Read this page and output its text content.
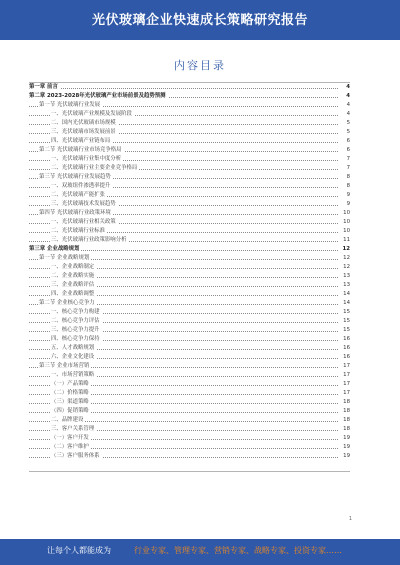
光伏玻璃企业快速成长策略研究报告
内容目录
第一章 前言	4
第二章 2023-2028年光伏玻璃产业市场前景及趋势预测	4
第一节 光伏玻璃行业发展	4
一、光伏玻璃产业规模及发展阶段	4
二、国内光伏玻璃市场规模	5
三、光伏玻璃市场发展前景	5
四、光伏玻璃产业链布局	6
第二节 光伏玻璃行业市场竞争格局	6
一、光伏玻璃行业集中度分析	7
二、光伏玻璃行业主要企业竞争格局	7
第三节 光伏玻璃行业发展趋势	8
一、双玻组件渗透率提升	8
二、光伏玻璃产能扩张	9
三、光伏玻璃技术发展趋势	9
第四节 光伏玻璃行业政策环境	10
一、光伏玻璃行业相关政策	10
二、光伏玻璃行业标准	10
三、光伏玻璃行业政策影响分析	11
第三章 企业战略规划	12
第一节 企业战略规划	12
一、企业战略制定	12
二、企业战略实施	13
三、企业战略评估	13
四、企业战略调整	14
第二节 企业核心竞争力	14
一、核心竞争力构建	15
二、核心竞争力评估	15
三、核心竞争力提升	15
四、核心竞争力保持	16
五、人才战略规划	16
六、企业文化建设	16
第三节 企业市场营销	17
一、市场营销策略	17
（一）产品策略	17
（二）价格策略	17
（三）渠道策略	18
（四）促销策略	18
二、品牌建设	18
三、客户关系管理	18
（一）客户开发	19
（二）客户维护	19
（三）客户服务体系	19
1
让每个人都能成为	行业专家、管理专家、营销专家、战略专家、投资专家……
